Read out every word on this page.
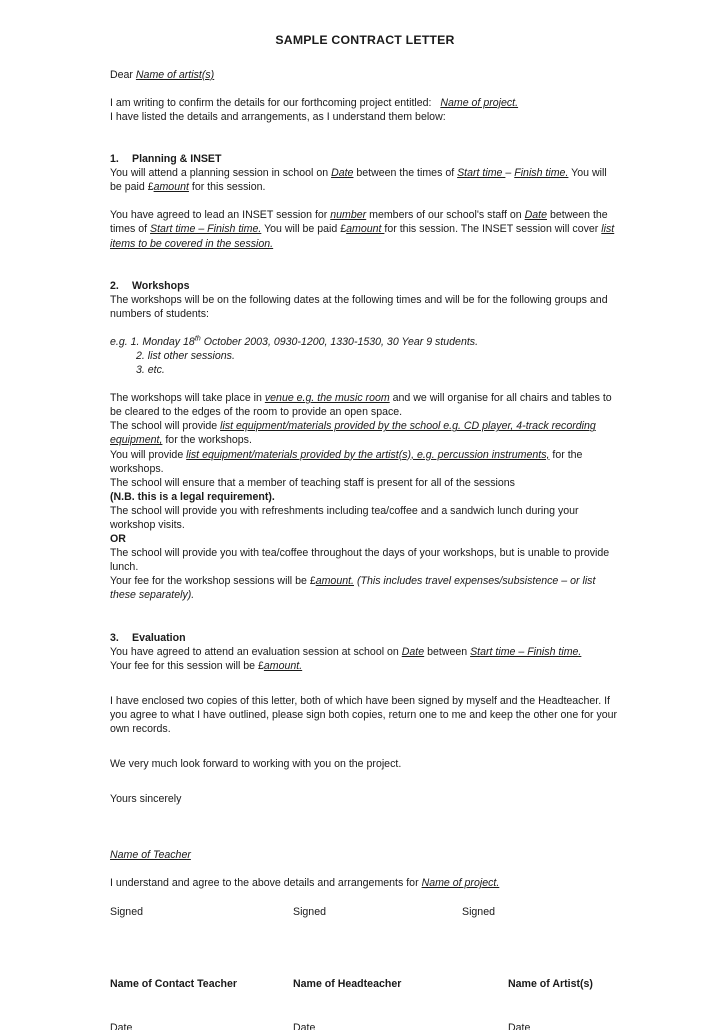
SAMPLE CONTRACT LETTER

Dear Name of artist(s)

I am writing to confirm the details for our forthcoming project entitled: Name of project.

I have listed the details and arrangements, as I understand them below:

1. Planning & INSET

You will attend a planning session in school on Date between the times of Start time – Finish time. You will be paid £amount for this session.

You have agreed to lead an INSET session for number members of our school's staff on Date between the times of Start time – Finish time. You will be paid £amount for this session. The INSET session will cover list items to be covered in the session.

2. Workshops

The workshops will be on the following dates at the following times and will be for the following groups and numbers of students:

e.g. 1. Monday 18th October 2003, 0930-1200, 1330-1530, 30 Year 9 students.

2. list other sessions.

3. etc.

The workshops will take place in venue e.g. the music room and we will organise for all chairs and tables to be cleared to the edges of the room to provide an open space.

The school will provide list equipment/materials provided by the school e.g. CD player, 4-track recording equipment, for the workshops.

You will provide list equipment/materials provided by the artist(s), e.g. percussion instruments, for the workshops.

The school will ensure that a member of teaching staff is present for all of the sessions

(N.B. this is a legal requirement).

The school will provide you with refreshments including tea/coffee and a sandwich lunch during your workshop visits.

OR

The school will provide you with tea/coffee throughout the days of your workshops, but is unable to provide lunch.

Your fee for the workshop sessions will be £amount. (This includes travel expenses/subsistence – or list these separately).

3. Evaluation

You have agreed to attend an evaluation session at school on Date between Start time – Finish time.

Your fee for this session will be £amount.

I have enclosed two copies of this letter, both of which have been signed by myself and the Headteacher. If you agree to what I have outlined, please sign both copies, return one to me and keep the other one for your own records.

We very much look forward to working with you on the project.

Yours sincerely

Name of Teacher

I understand and agree to the above details and arrangements for Name of project.

Signed	Signed	Signed
Name of Contact Teacher	Name of Headteacher	Name of Artist(s)
Date	Date	Date
